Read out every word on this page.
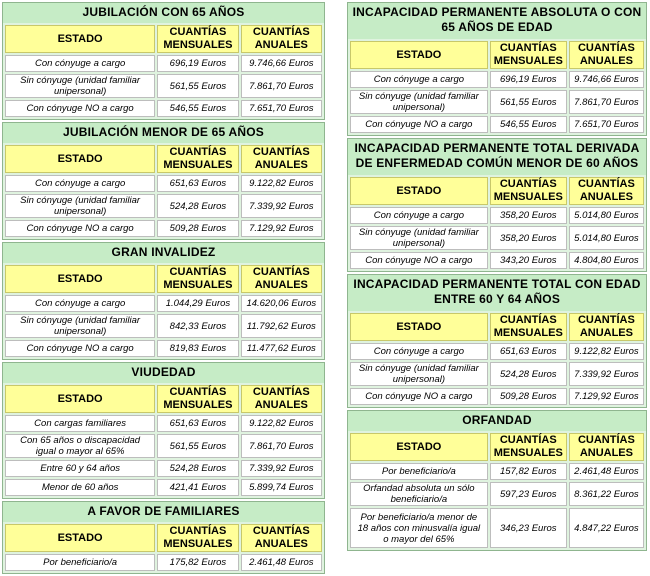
JUBILACIÓN CON 65 AÑOS
ESTADO	CUANTÍAS MENSUALES	CUANTÍAS ANUALES
Con cónyuge a cargo	696,19 Euros	9.746,66 Euros
Sin cónyuge (unidad familiar unipersonal)	561,55 Euros	7.861,70 Euros
Con cónyuge NO a cargo	546,55 Euros	7.651,70 Euros
JUBILACIÓN MENOR DE 65 AÑOS
ESTADO	CUANTÍAS MENSUALES	CUANTÍAS ANUALES
Con cónyuge a cargo	651,63 Euros	9.122,82 Euros
Sin cónyuge (unidad familiar unipersonal)	524,28 Euros	7.339,92 Euros
Con cónyuge NO a cargo	509,28 Euros	7.129,92 Euros
GRAN INVALIDEZ
ESTADO	CUANTÍAS MENSUALES	CUANTÍAS ANUALES
Con cónyuge a cargo	1.044,29 Euros	14.620,06 Euros
Sin cónyuge (unidad familiar unipersonal)	842,33 Euros	11.792,62 Euros
Con cónyuge NO a cargo	819,83 Euros	11.477,62 Euros
VIUDEDAD
ESTADO	CUANTÍAS MENSUALES	CUANTÍAS ANUALES
Con cargas familiares	651,63 Euros	9.122,82 Euros
Con 65 años o discapacidad igual o mayor al 65%	561,55 Euros	7.861,70 Euros
Entre 60 y 64 años	524,28 Euros	7.339,92 Euros
Menor de 60 años	421,41 Euros	5.899,74 Euros
A FAVOR DE FAMILIARES
ESTADO	CUANTÍAS MENSUALES	CUANTÍAS ANUALES
Por beneficiario/a	175,82 Euros	2.461,48 Euros
INCAPACIDAD PERMANENTE ABSOLUTA O CON 65 AÑOS DE EDAD
ESTADO	CUANTÍAS MENSUALES	CUANTÍAS ANUALES
Con cónyuge a cargo	696,19 Euros	9.746,66 Euros
Sin cónyuge (unidad familiar unipersonal)	561,55 Euros	7.861,70 Euros
Con cónyuge NO a cargo	546,55 Euros	7.651,70 Euros
INCAPACIDAD PERMANENTE TOTAL DERIVADA DE ENFERMEDAD COMÚN MENOR DE 60 AÑOS
ESTADO	CUANTÍAS MENSUALES	CUANTÍAS ANUALES
Con cónyuge a cargo	358,20 Euros	5.014,80 Euros
Sin cónyuge (unidad familiar unipersonal)	358,20 Euros	5.014,80 Euros
Con cónyuge NO a cargo	343,20 Euros	4.804,80 Euros
INCAPACIDAD PERMANENTE TOTAL CON EDAD ENTRE 60 Y 64 AÑOS
ESTADO	CUANTÍAS MENSUALES	CUANTÍAS ANUALES
Con cónyuge a cargo	651,63 Euros	9.122,82 Euros
Sin cónyuge (unidad familiar unipersonal)	524,28 Euros	7.339,92 Euros
Con cónyuge NO a cargo	509,28 Euros	7.129,92 Euros
ORFANDAD
ESTADO	CUANTÍAS MENSUALES	CUANTÍAS ANUALES
Por beneficiario/a	157,82 Euros	2.461,48 Euros
Orfandad absoluta un sólo beneficiario/a	597,23 Euros	8.361,22 Euros
Por beneficiario/a menor de 18 años con minusvalía igual o mayor del 65%	346,23 Euros	4.847,22 Euros
